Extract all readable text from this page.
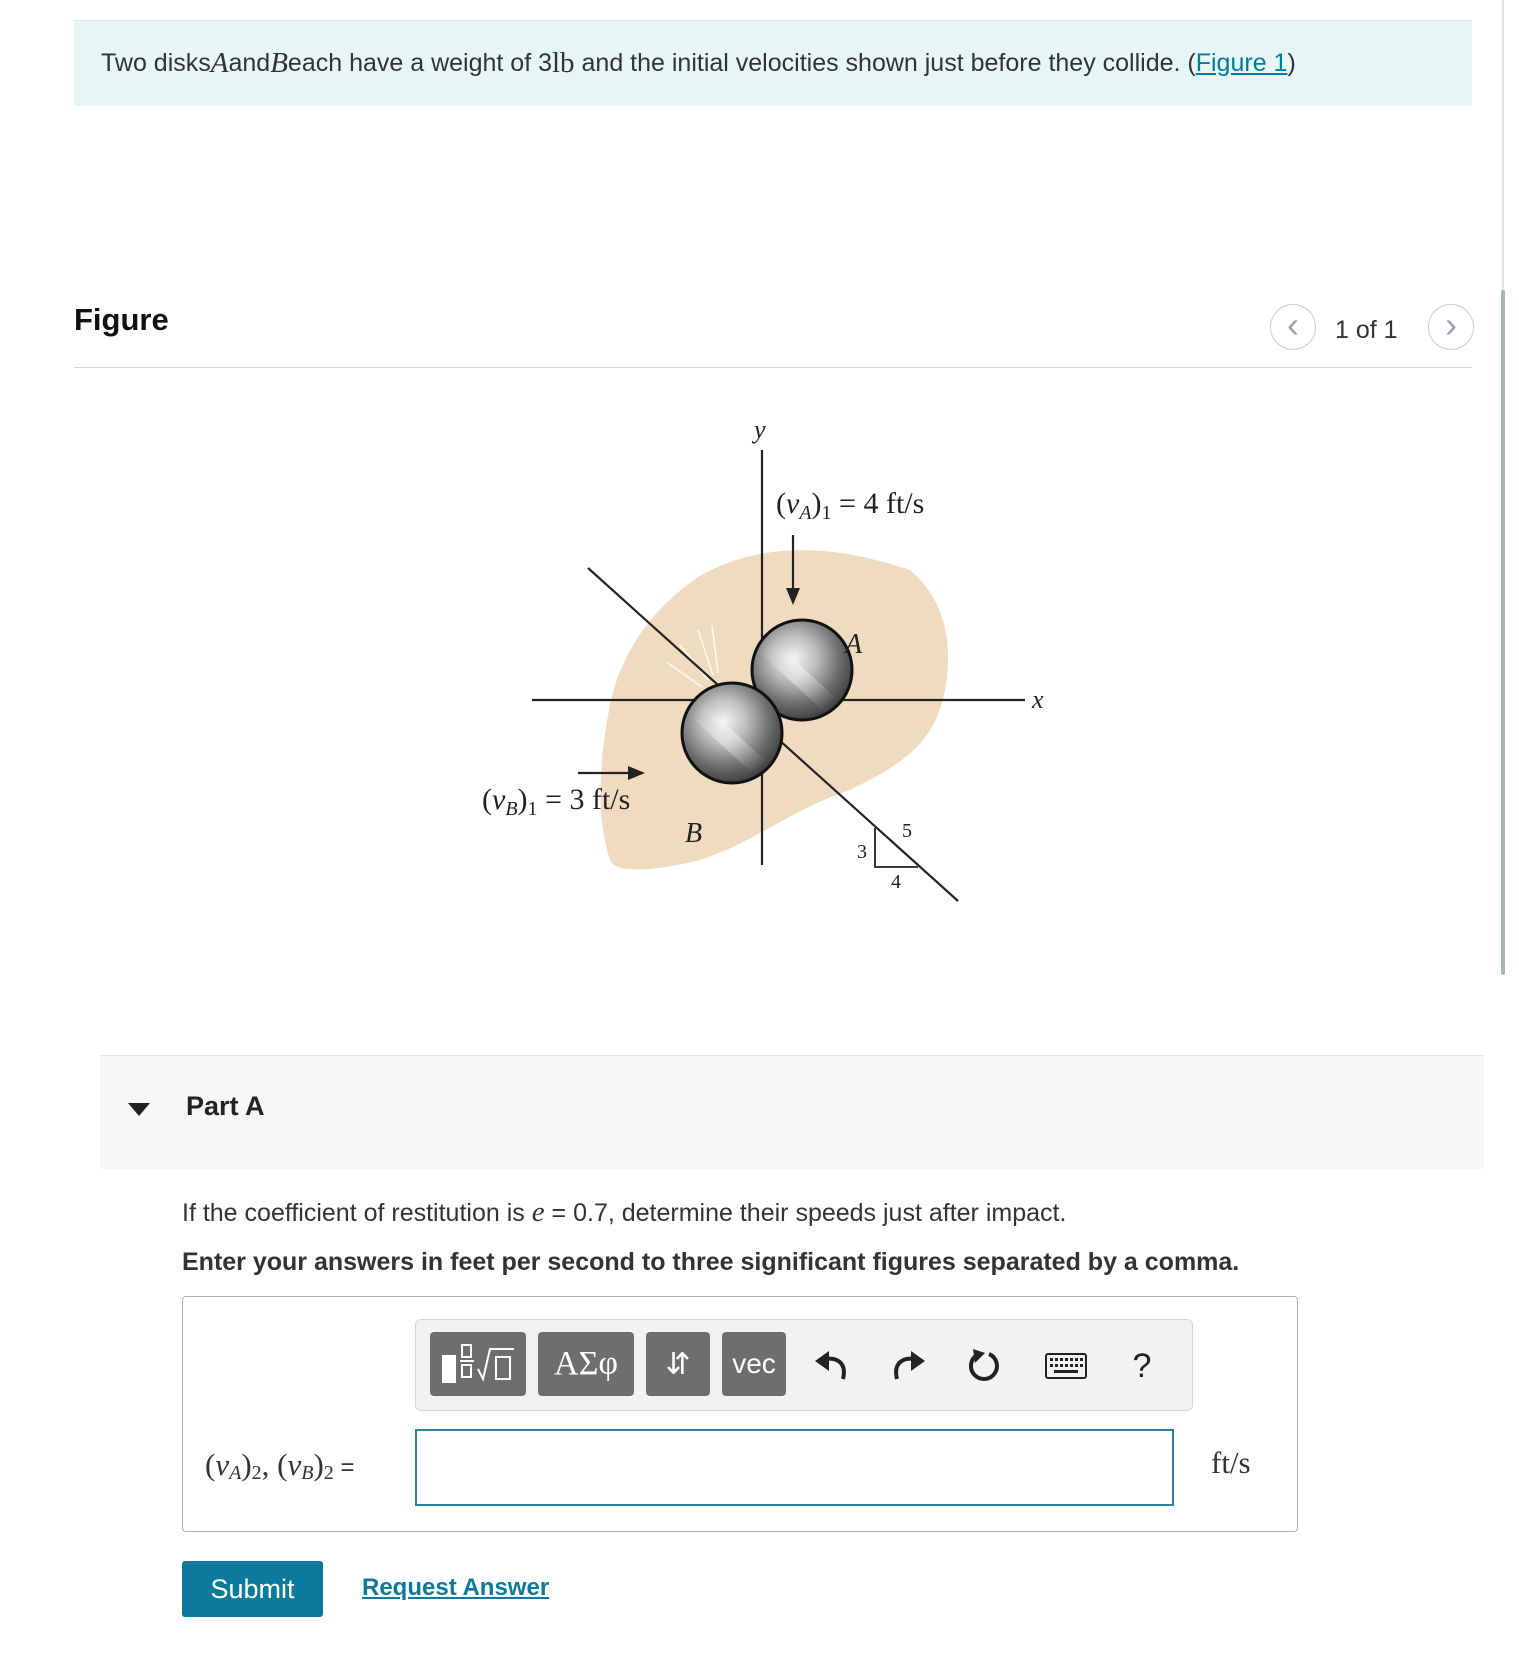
Two disks A and B each have a weight of 3 lb and the initial velocities shown just before they collide. ( Figure 1 )
Figure	‹ 1 of 1 ›
x
y
A
B
$(v_A)_1 = 4$ ft/s
$(v_B)_1 = 3$ ft/s
3
4
5
Part A
If the coefficient of restitution is e = 0.7, determine their speeds just after impact.
Enter your answers in feet per second to three significant figures separated by a comma.
ΑΣφ	⇵	vec	?
(vA)2, (vB)2 =	ft/s
Submit	Request Answer
